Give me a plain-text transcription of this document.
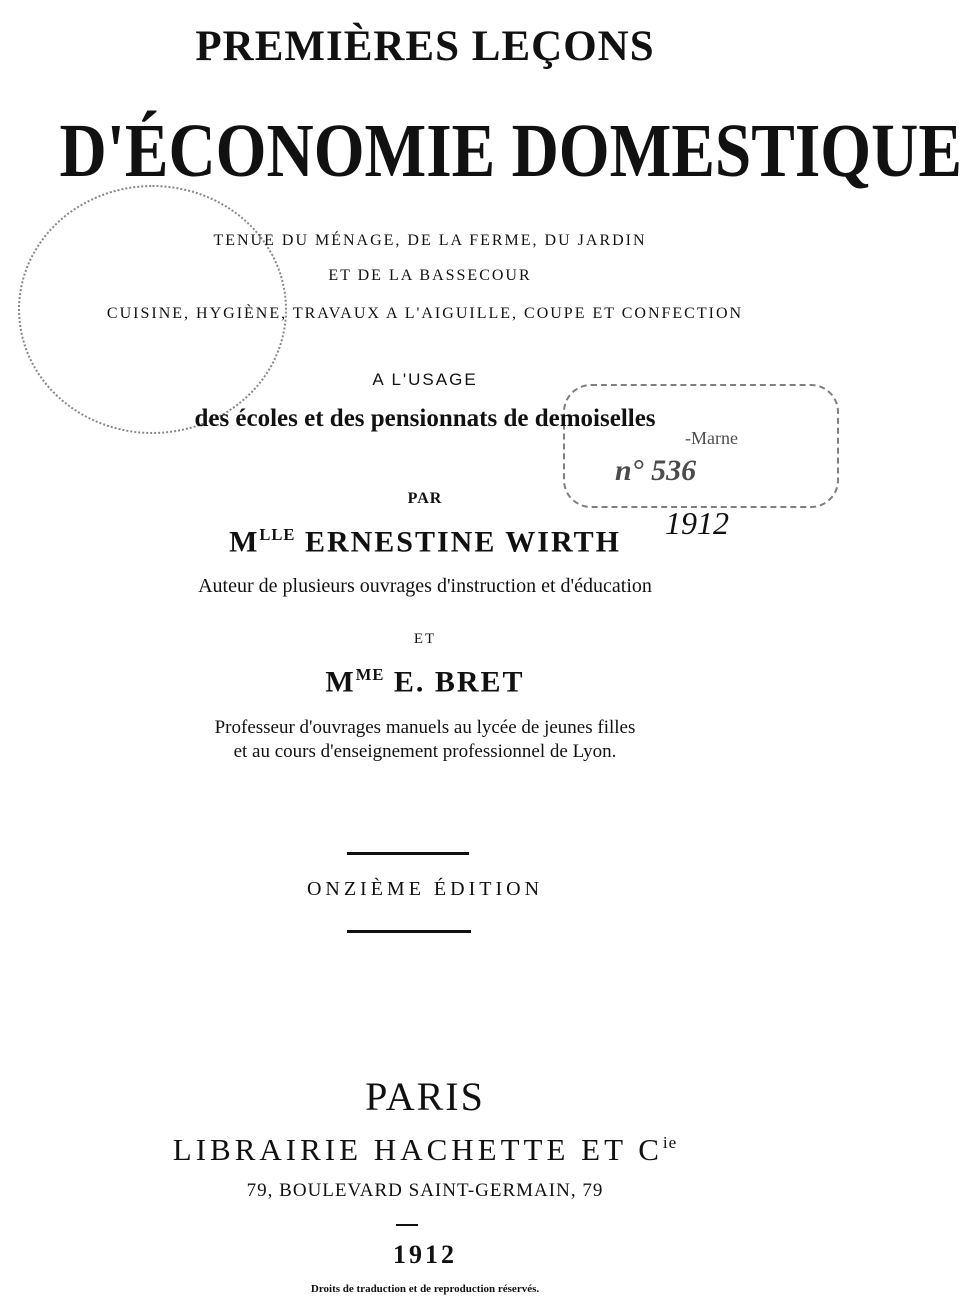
-Marne
n° 536
1912
PREMIÈRES LEÇONS
D'ÉCONOMIE DOMESTIQUE
TENUE DU MÉNAGE, DE LA FERME, DU JARDIN
ET DE LA BASSECOUR
CUISINE, HYGIÈNE, TRAVAUX A L'AIGUILLE, COUPE ET CONFECTION
A L'USAGE
des écoles et des pensionnats de demoiselles
PAR
$M^{LLE}$ ERNESTINE WIRTH
Auteur de plusieurs ouvrages d'instruction et d'éducation
ET
$M^{ME}$ E. BRET
Professeur d'ouvrages manuels au lycée de jeunes filles
et au cours d'enseignement professionnel de Lyon.
ONZIÈME ÉDITION
PARIS
LIBRAIRIE HACHETTE ET $C^{ie}$
79, BOULEVARD SAINT-GERMAIN, 79
1912
Droits de traduction et de reproduction réservés.
